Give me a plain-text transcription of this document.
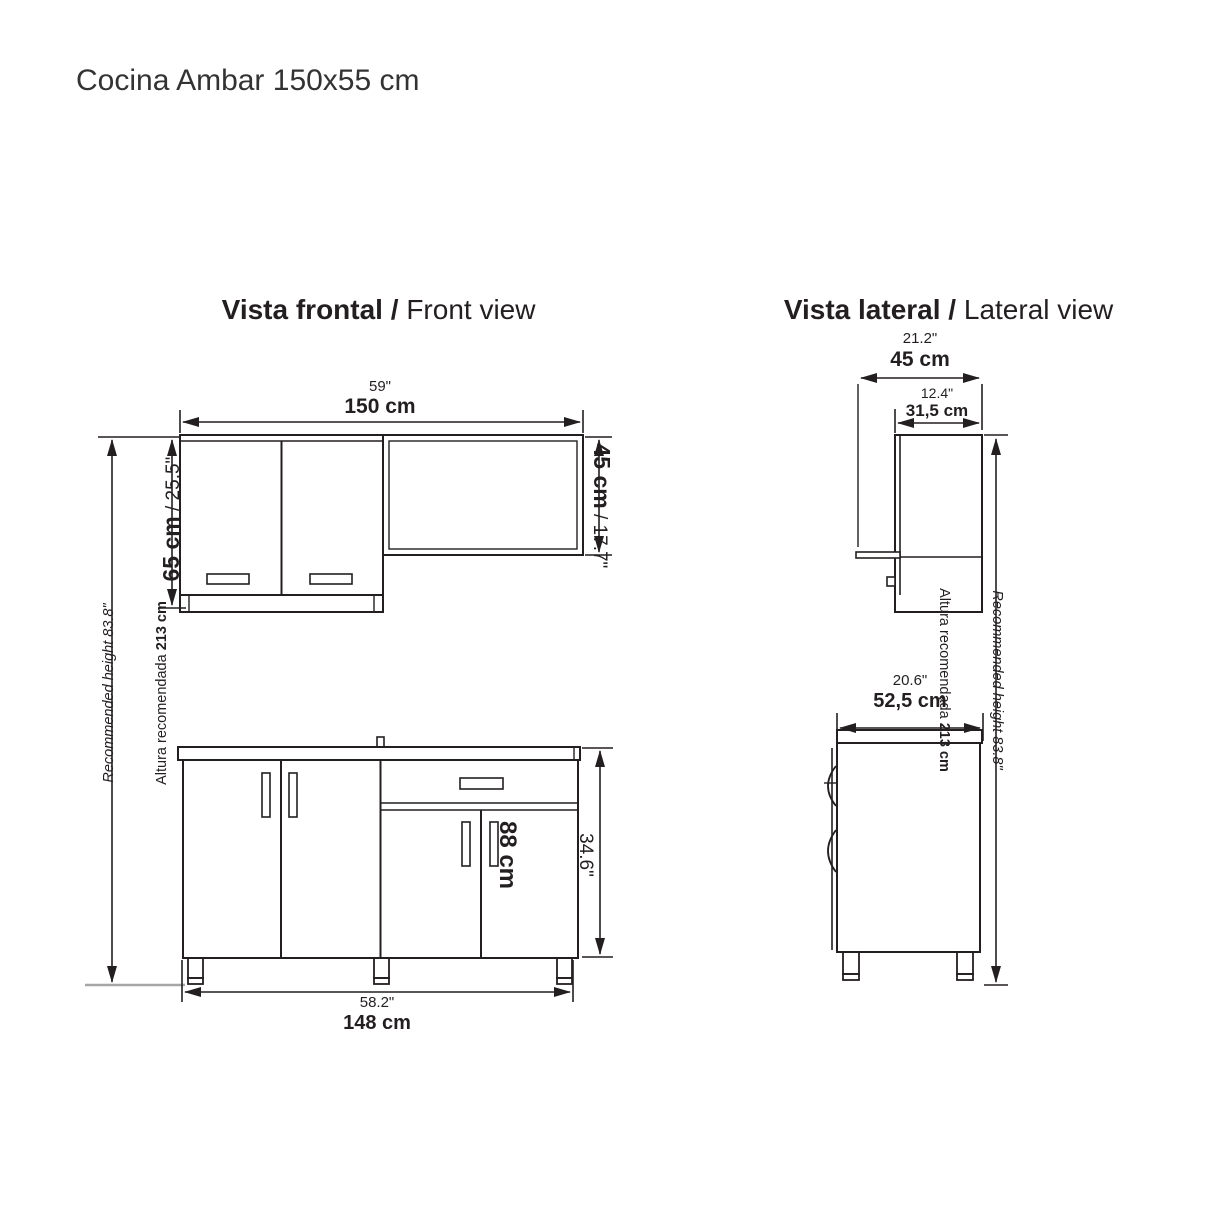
Cocina Ambar 150x55 cm

Vista frontal / Front view
	Vista lateral / Lateral view

59"
150 cm
58.2"
148 cm

65 cm / 25.5"
	45 cm / 17.7"

34.6"

88 cm

Recommended height 83.8"

	Altura recomendada 213 cm

21.2"
45 cm
12.4"
31,5 cm
20.6"
52,5 cm

	Recommended height 83.8"

Altura recomendada 213 cm
